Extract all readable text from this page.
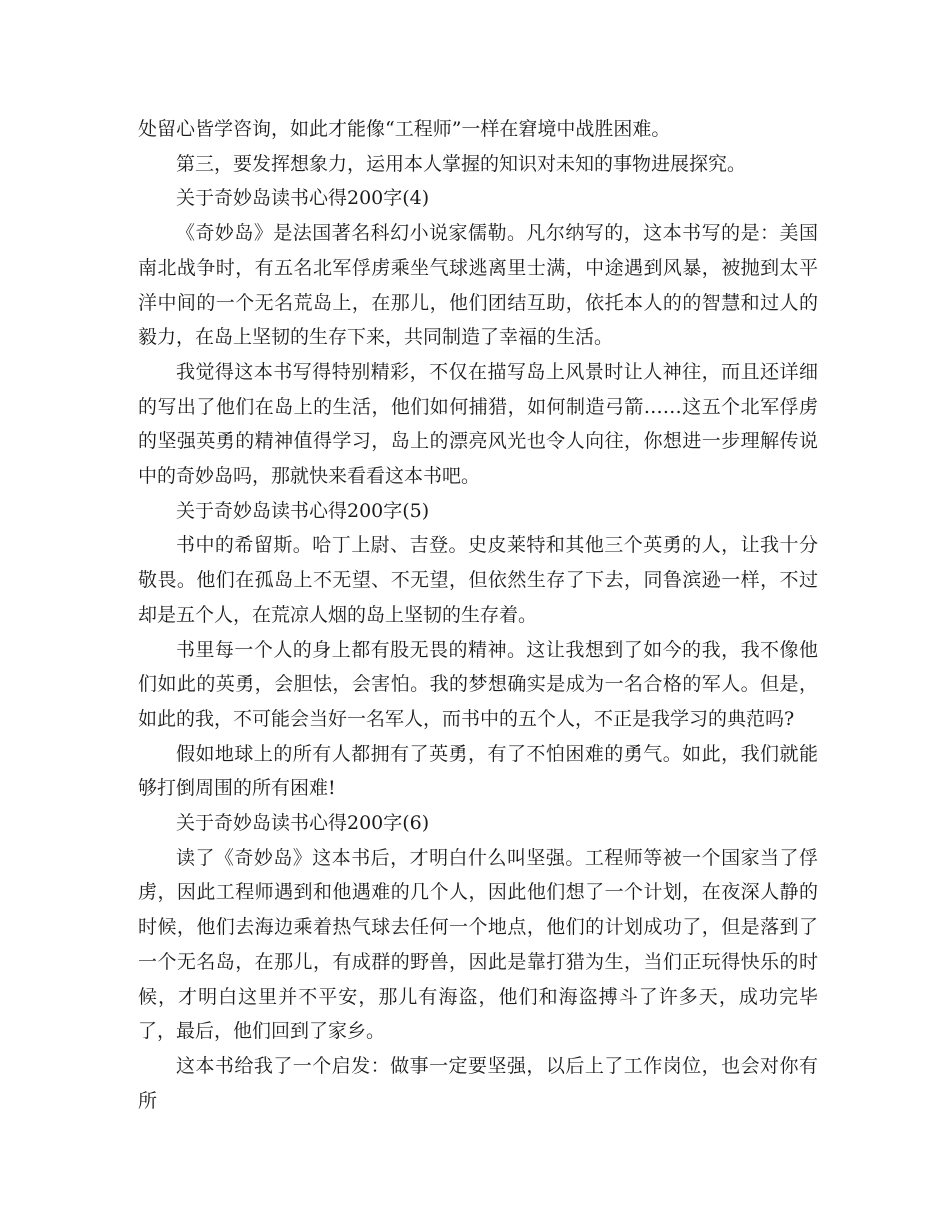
处留心皆学咨询，如此才能像“工程师”一样在窘境中战胜困难。

第三，要发挥想象力，运用本人掌握的知识对未知的事物进展探究。

关于奇妙岛读书心得200字(4)

《奇妙岛》是法国著名科幻小说家儒勒。凡尔纳写的，这本书写的是：美国南北战争时，有五名北军俘虏乘坐气球逃离里士满，中途遇到风暴，被抛到太平洋中间的一个无名荒岛上，在那儿，他们团结互助，依托本人的的智慧和过人的毅力，在岛上坚韧的生存下来，共同制造了幸福的生活。

我觉得这本书写得特别精彩，不仅在描写岛上风景时让人神往，而且还详细的写出了他们在岛上的生活，他们如何捕猎，如何制造弓箭……这五个北军俘虏的坚强英勇的精神值得学习，岛上的漂亮风光也令人向往，你想进一步理解传说中的奇妙岛吗，那就快来看看这本书吧。

关于奇妙岛读书心得200字(5)

书中的希留斯。哈丁上尉、吉登。史皮莱特和其他三个英勇的人，让我十分敬畏。他们在孤岛上不无望、不无望，但依然生存了下去，同鲁滨逊一样，不过却是五个人，在荒凉人烟的岛上坚韧的生存着。

书里每一个人的身上都有股无畏的精神。这让我想到了如今的我，我不像他们如此的英勇，会胆怯，会害怕。我的梦想确实是成为一名合格的军人。但是，如此的我，不可能会当好一名军人，而书中的五个人，不正是我学习的典范吗?

假如地球上的所有人都拥有了英勇，有了不怕困难的勇气。如此，我们就能够打倒周围的所有困难!

关于奇妙岛读书心得200字(6)

读了《奇妙岛》这本书后，才明白什么叫坚强。工程师等被一个国家当了俘虏，因此工程师遇到和他遇难的几个人，因此他们想了一个计划，在夜深人静的时候，他们去海边乘着热气球去任何一个地点，他们的计划成功了，但是落到了一个无名岛，在那儿，有成群的野兽，因此是靠打猎为生，当们正玩得快乐的时候，才明白这里并不平安，那儿有海盗，他们和海盗搏斗了许多天，成功完毕了，最后，他们回到了家乡。

这本书给我了一个启发：做事一定要坚强，以后上了工作岗位，也会对你有所
